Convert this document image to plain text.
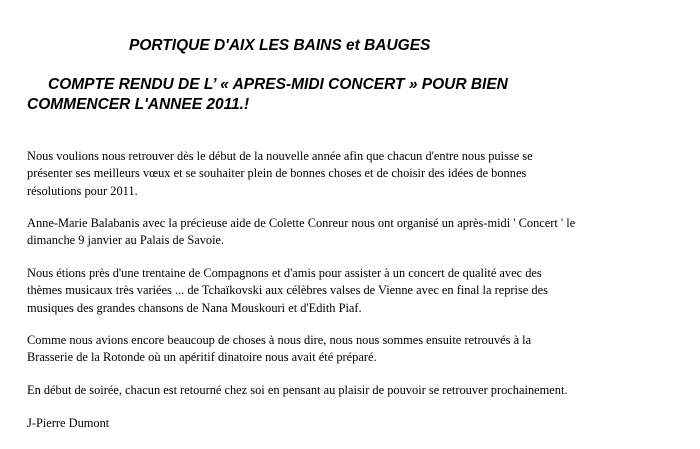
PORTIQUE D'AIX LES BAINS et BAUGES
COMPTE RENDU DE L’ « APRES-MIDI CONCERT » POUR BIEN
COMMENCER L'ANNEE 2011.!

Nous voulions nous retrouver dès le début de la nouvelle année afin que chacun d'entre nous puisse se
présenter ses meilleurs vœux et se souhaiter plein de bonnes choses et de choisir des idées de bonnes
résolutions pour 2011.

Anne-Marie Balabanis avec la précieuse aide de Colette Conreur nous ont organisé un après-midi ' Concert ' le
dimanche 9 janvier au Palais de Savoie.

Nous étions près d'une trentaine de Compagnons et d'amis pour assister à un concert de qualité avec des
thèmes musicaux très variées ... de Tchaïkovski aux célèbres valses de Vienne avec en final la reprise des
musiques des grandes chansons de Nana Mouskouri et d'Edith Piaf.

Comme nous avions encore beaucoup de choses à nous dire, nous nous sommes ensuite retrouvés à la
Brasserie de la Rotonde où un apéritif dinatoire nous avait été préparé.

En début de soirée, chacun est retourné chez soi en pensant au plaisir de pouvoir se retrouver prochainement.

J-Pierre Dumont
